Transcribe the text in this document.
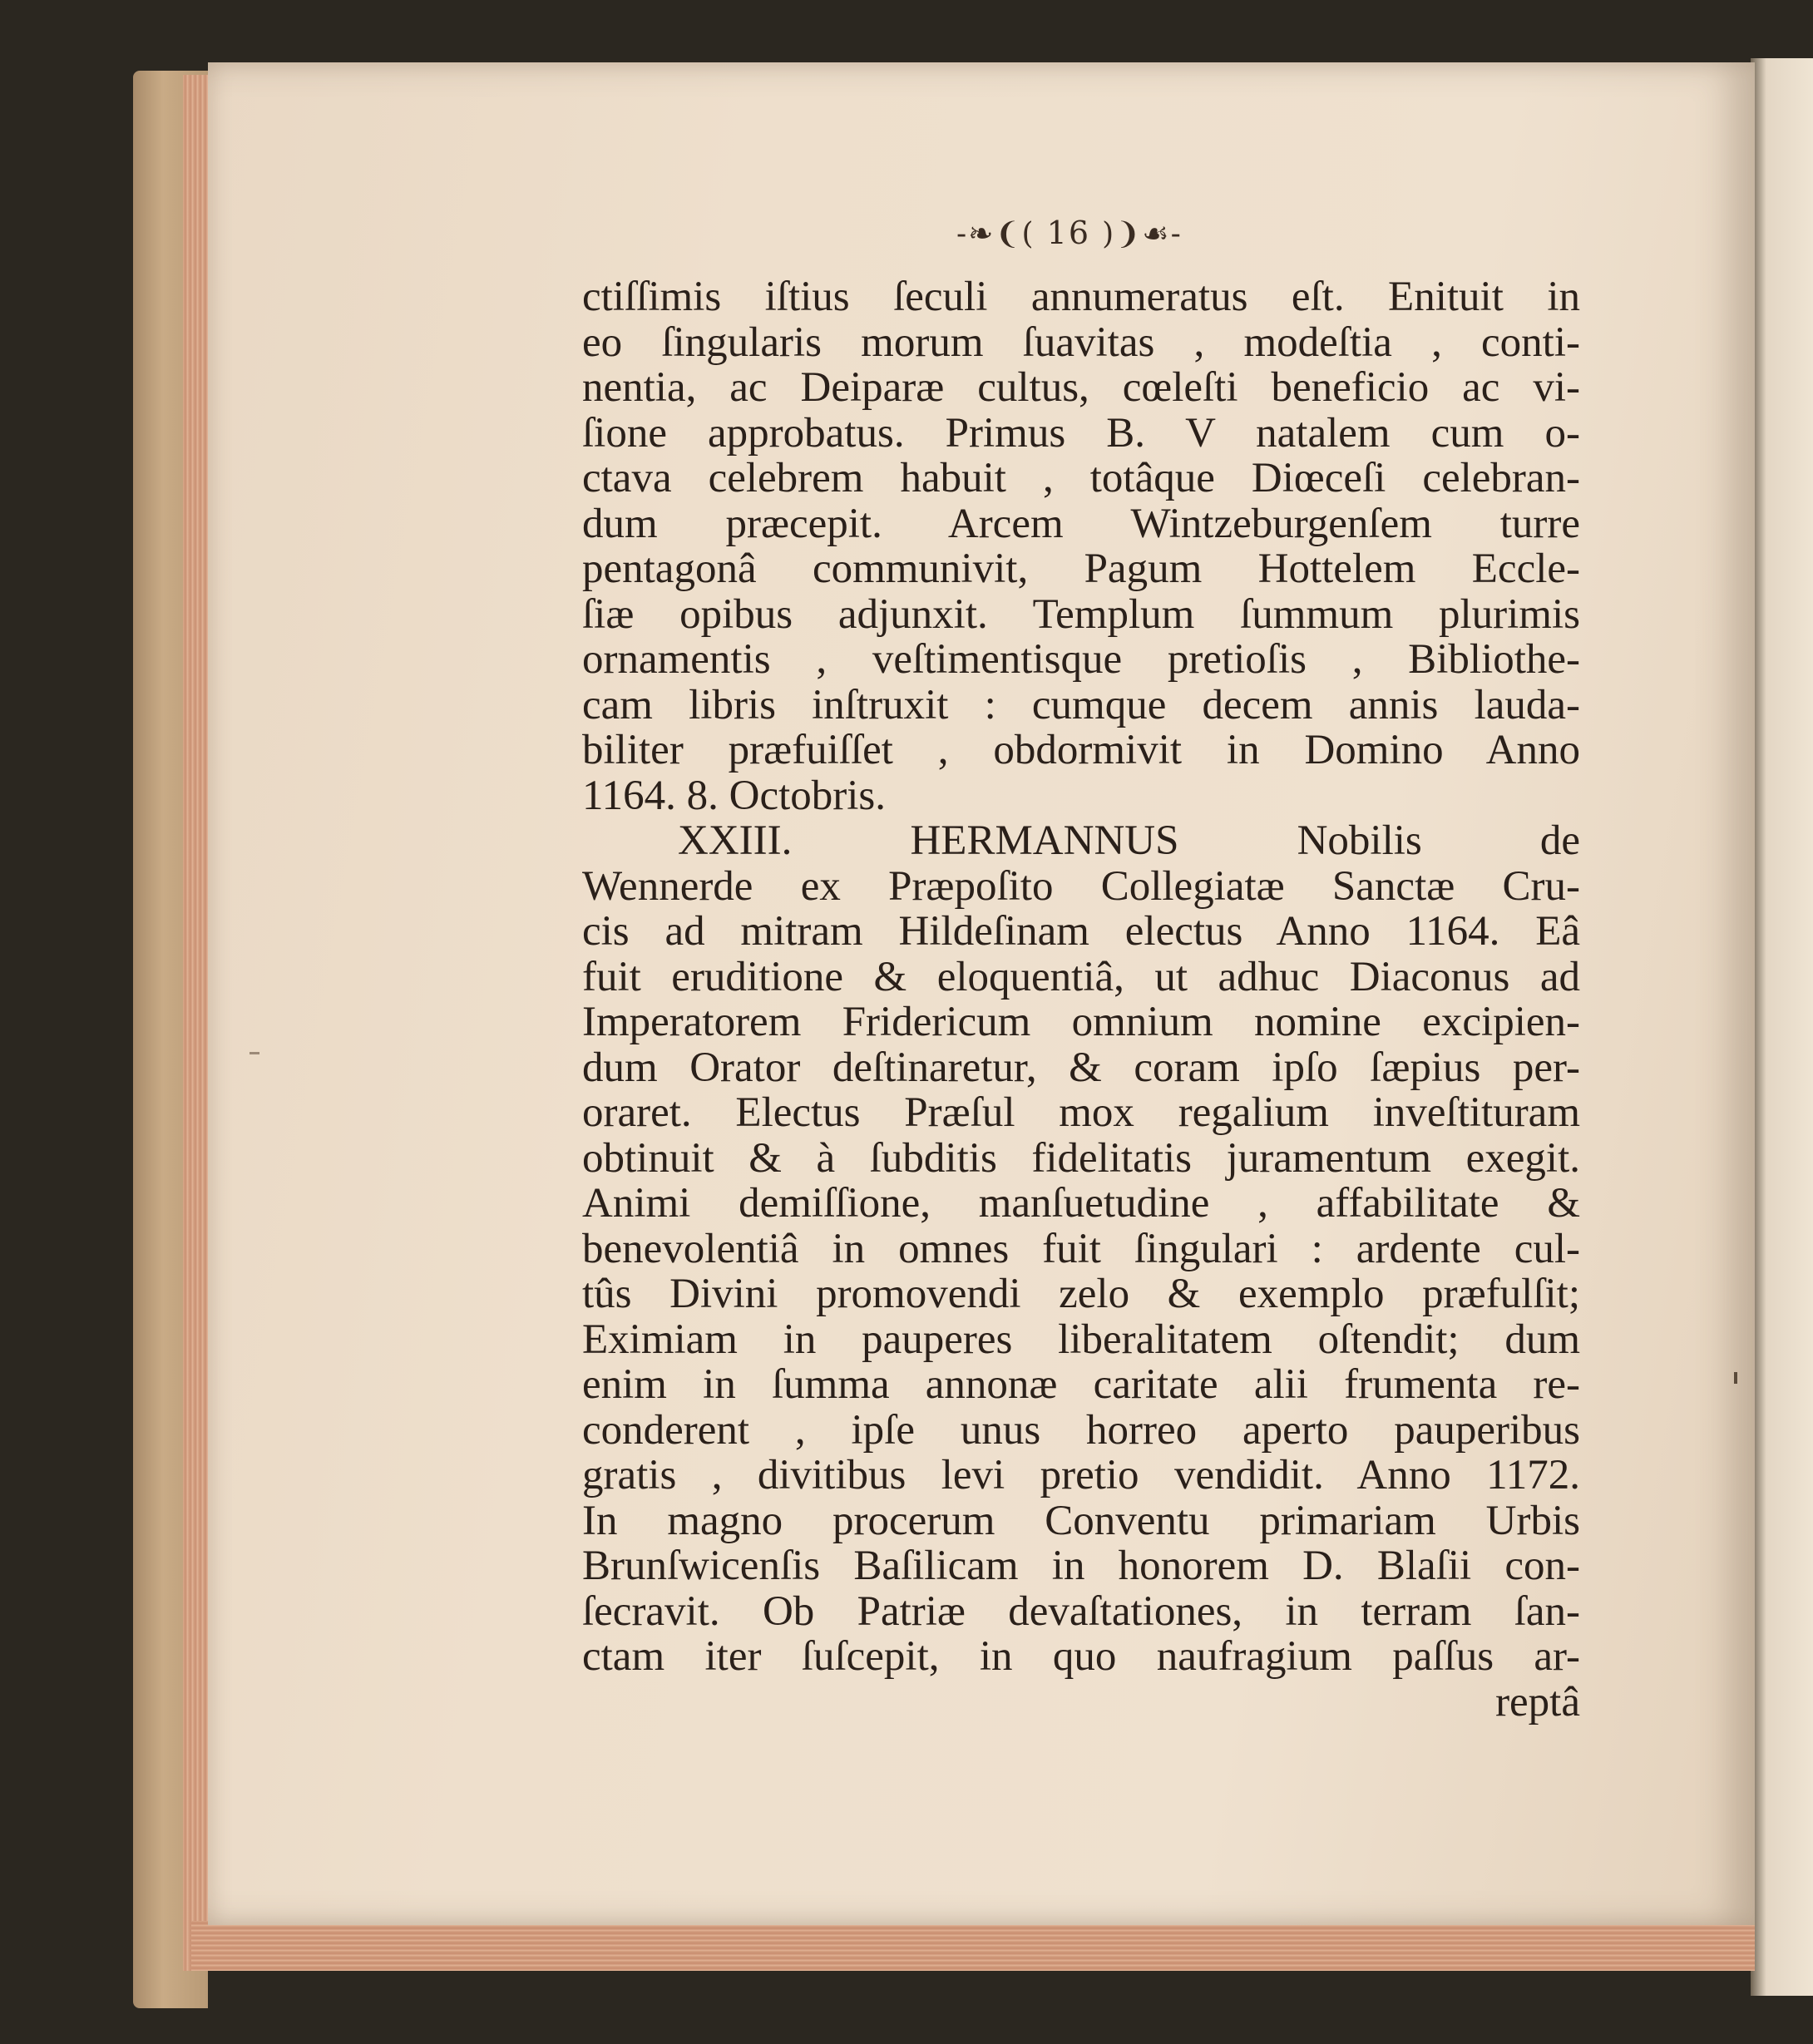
-❧❨( 16 )❩☙-
ctiſſimis iſtius ſeculi annumeratus eſt. Enituit in
eo ſingularis morum ſuavitas , modeſtia , conti-
nentia, ac Deiparæ cultus, cœleſti beneficio ac vi-
ſione approbatus. Primus B. V natalem cum o-
ctava celebrem habuit , totâque Diœceſi celebran-
dum præcepit. Arcem Wintzeburgenſem turre
pentagonâ communivit, Pagum Hottelem Eccle-
ſiæ opibus adjunxit. Templum ſummum plurimis
ornamentis , veſtimentisque pretioſis , Bibliothe-
cam libris inſtruxit : cumque decem annis lauda-
biliter præfuiſſet , obdormivit in Domino Anno
1164. 8. Octobris.
XXIII. HERMANNUS Nobilis de
Wennerde ex Præpoſito Collegiatæ Sanctæ Cru-
cis ad mitram Hildeſinam electus Anno 1164. Eâ
fuit eruditione & eloquentiâ, ut adhuc Diaconus ad
Imperatorem Fridericum omnium nomine excipien-
dum Orator deſtinaretur, & coram ipſo ſæpius per-
oraret. Electus Præſul mox regalium inveſtituram
obtinuit & à ſubditis fidelitatis juramentum exegit.
Animi demiſſione, manſuetudine , affabilitate &
benevolentiâ in omnes fuit ſingulari : ardente cul-
tûs Divini promovendi zelo & exemplo præfulſit;
Eximiam in pauperes liberalitatem oſtendit; dum
enim in ſumma annonæ caritate alii frumenta re-
conderent , ipſe unus horreo aperto pauperibus
gratis , divitibus levi pretio vendidit. Anno 1172.
In magno procerum Conventu primariam Urbis
Brunſwicenſis Baſilicam in honorem D. Blaſii con-
ſecravit. Ob Patriæ devaſtationes, in terram ſan-
ctam iter ſuſcepit, in quo naufragium paſſus ar-
reptâ
